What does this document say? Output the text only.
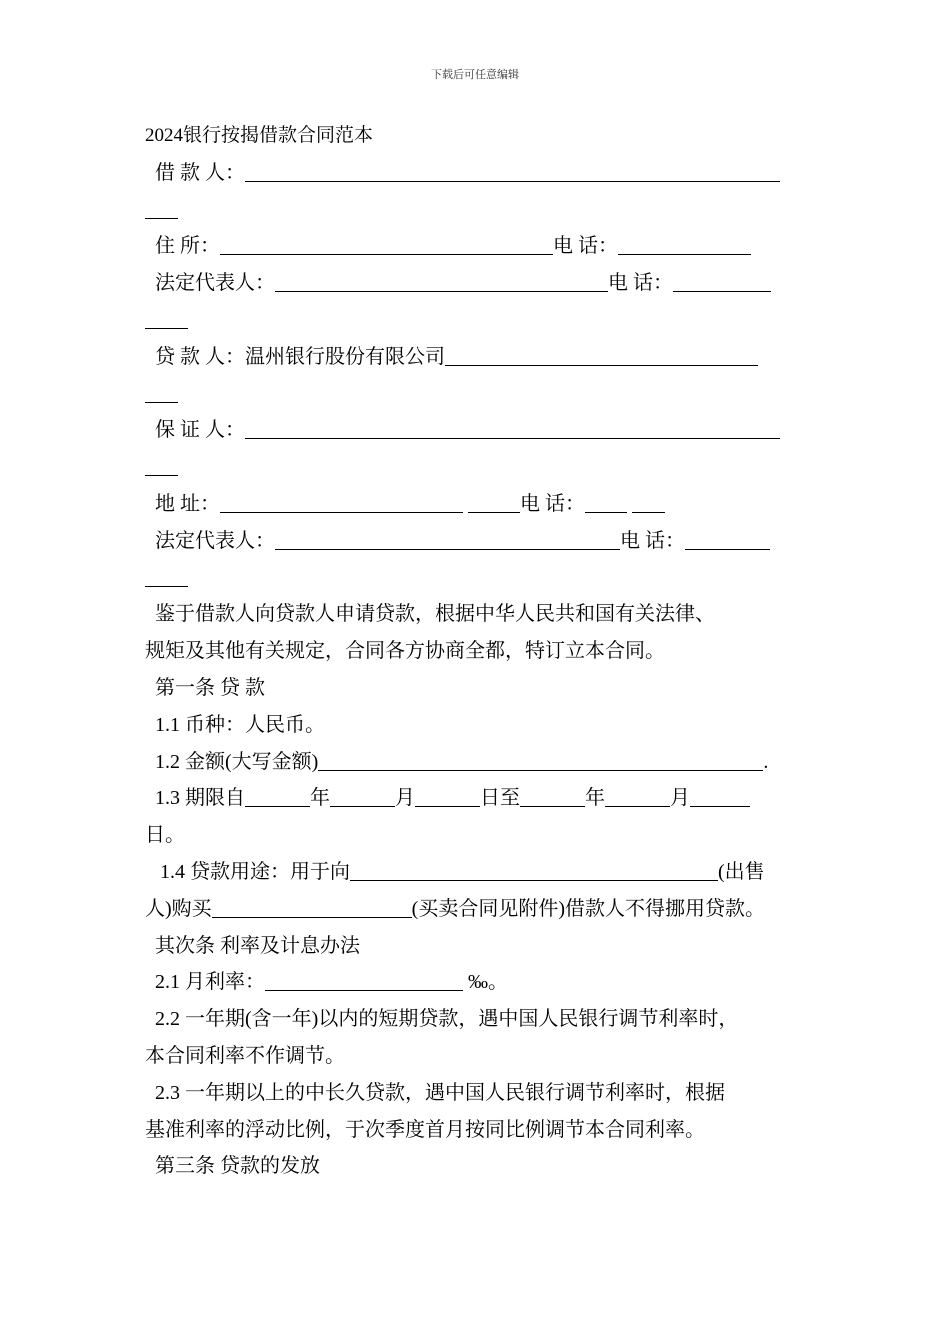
下载后可任意编辑

2024银行按揭借款合同范本

借 款 人：

住 所：	电 话：

法定代表人：	电 话：

贷 款 人：温州银行股份有限公司

保 证 人：

地 址：	电 话：

法定代表人：	电 话：

鉴于借款人向贷款人申请贷款，根据中华人民共和国有关法律、

规矩及其他有关规定，合同各方协商全都，特订立本合同。

第一条 贷 款

1.1 币种：人民币。

1.2 金额(大写金额)	.

1.3 期限自	年	月	日至	年	月

日。

1.4 贷款用途：用于向	(出售

人)购买	(买卖合同见附件)借款人不得挪用贷款。

其次条 利率及计息办法

2.1 月利率：	‰。

2.2 一年期(含一年)以内的短期贷款，遇中国人民银行调节利率时，

本合同利率不作调节。

2.3 一年期以上的中长久贷款，遇中国人民银行调节利率时，根据

基准利率的浮动比例，于次季度首月按同比例调节本合同利率。

第三条 贷款的发放
